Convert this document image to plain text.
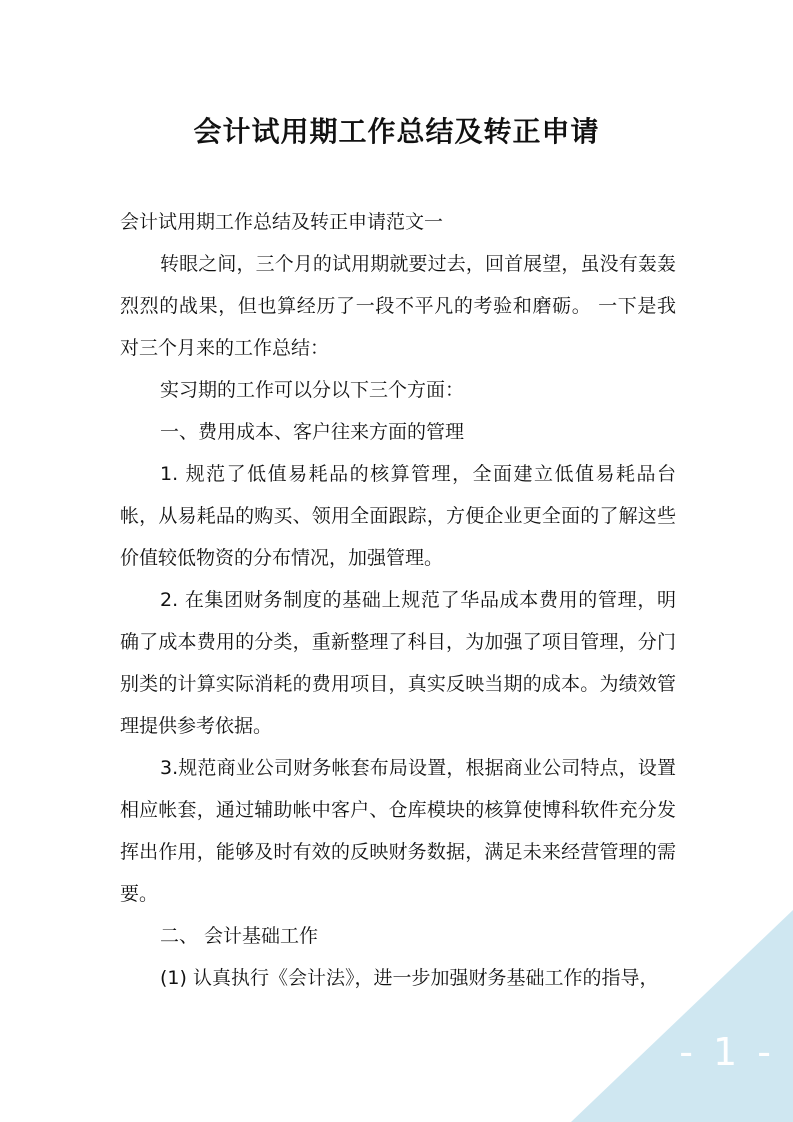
会计试用期工作总结及转正申请

会计试用期工作总结及转正申请范文一

转眼之间，三个月的试用期就要过去，回首展望，虽没有轰轰烈烈的战果，但也算经历了一段不平凡的考验和磨砺。 一下是我对三个月来的工作总结：

实习期的工作可以分以下三个方面：

一、费用成本、客户往来方面的管理

1. 规范了低值易耗品的核算管理，全面建立低值易耗品台帐，从易耗品的购买、领用全面跟踪，方便企业更全面的了解这些价值较低物资的分布情况，加强管理。

2. 在集团财务制度的基础上规范了华品成本费用的管理，明确了成本费用的分类，重新整理了科目，为加强了项目管理，分门别类的计算实际消耗的费用项目，真实反映当期的成本。为绩效管理提供参考依据。

3.规范商业公司财务帐套布局设置，根据商业公司特点，设置相应帐套，通过辅助帐中客户、仓库模块的核算使博科软件充分发挥出作用，能够及时有效的反映财务数据，满足未来经营管理的需要。

二、 会计基础工作

(1) 认真执行《会计法》，进一步加强财务基础工作的指导，

- 1 -
